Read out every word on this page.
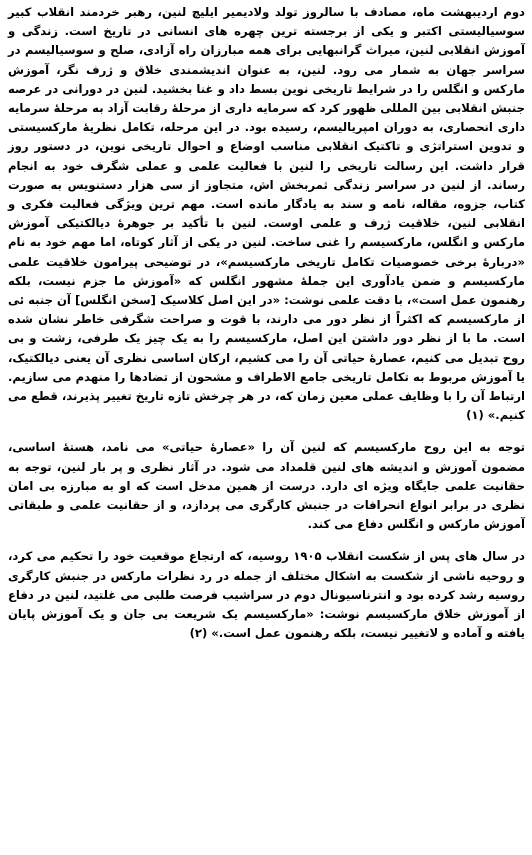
دوم اردیبهشت ماه، مصادف با سالروز تولد ولادیمیر ایلیچ لنین، رهبر خردمند انقلاب کبیر سوسیالیستی اکتبر و یکی از برجسته ترین چهره های انسانی در تاریخ است. زندگی و آموزش انقلابی لنین، میراث گرانبهایی برای همه مبارزان راه آزادی، صلح و سوسیالیسم در سراسر جهان به شمار می رود. لنین، به عنوان اندیشمندی خلاق و ژرف نگر، آموزش مارکس و انگلس را در شرایط تاریخی نوین بسط داد و غنا بخشید. لنین در دورانی در عرصه جنبش انقلابی بین المللی ظهور کرد که سرمایه داری از مرحلهٔ رقابت آزاد به مرحلهٔ سرمایه داری انحصاری، به دوران امپریالیسم، رسیده بود. در این مرحله، تکامل نظریهٔ مارکسیستی و تدوین استراتژی و تاکتیک انقلابی مناسب اوضاع و احوال تاریخی نوین، در دستور روز قرار داشت. این رسالت تاریخی را لنین با فعالیت علمی و عملی شگرف خود به انجام رساند. از لنین در سراسر زندگی ثمربخش اش، متجاوز از سی هزار دستنویس به صورت کتاب، جزوه، مقاله، نامه و سند به یادگار مانده است. مهم ترین ویژگی فعالیت فکری و انقلابی لنین، خلاقیت ژرف و علمی اوست. لنین با تأکید بر جوهرهٔ دیالکتیکی آموزش مارکس و انگلس، مارکسیسم را غنی ساخت. لنین در یکی از آثار کوتاه، اما مهم خود به نام «دربارهٔ برخی خصوصیات تکامل تاریخی مارکسیسم»، در توضیحی پیرامون خلاقیت علمی مارکسیسم و ضمن یادآوری این جملهٔ مشهور انگلس که «آموزش ما جزم نیست، بلکه رهنمون عمل است»، با دقت علمی نوشت: «در این اصل کلاسیک [سخن انگلس] آن جنبه ئی از مارکسیسم که اکثراً از نظر دور می دارند، با قوت و صراحت شگرفی خاطر نشان شده است. ما با از نظر دور داشتن این اصل، مارکسیسم را به یک چیز یک طرفی، زشت و بی روح تبدیل می کنیم، عصارهٔ حیاتی آن را می کشیم، ارکان اساسی نظری آن یعنی دیالکتیک، یا آموزش مربوط به تکامل تاریخی جامع الاطراف و مشحون از تضادها را منهدم می سازیم. ارتباط آن را با وظایف عملی معین زمان که، در هر چرخش تازه تاریخ تغییر پذیرند، قطع می کنیم.» (۱)

توجه به این روح مارکسیسم که لنین آن را «عصارهٔ حیاتی» می نامد، هستهٔ اساسی، مضمون آموزش و اندیشه های لنین قلمداد می شود. در آثار نظری و پر بار لنین، توجه به حقانیت علمی جایگاه ویژه ای دارد. درست از همین مدخل است که او به مبارزه بی امان نظری در برابر انواع انحرافات در جنبش کارگری می پردازد، و از حقانیت علمی و طبقاتی آموزش مارکس و انگلس دفاع می کند.

در سال های پس از شکست انقلاب ۱۹۰۵ روسیه، که ارتجاع موقعیت خود را تحکیم می کرد، و روحیه ناشی از شکست به اشکال مختلف از جمله در رد نظرات مارکس در جنبش کارگری روسیه رشد کرده بود و انترناسیونال دوم در سراشیب فرصت طلبی می غلتید، لنین در دفاع از آموزش خلاق مارکسیسم نوشت: «مارکسیسم یک شریعت بی جان و یک آموزش پایان یافته و آماده و لاتغییر نیست، بلکه رهنمون عمل است.» (۲)
